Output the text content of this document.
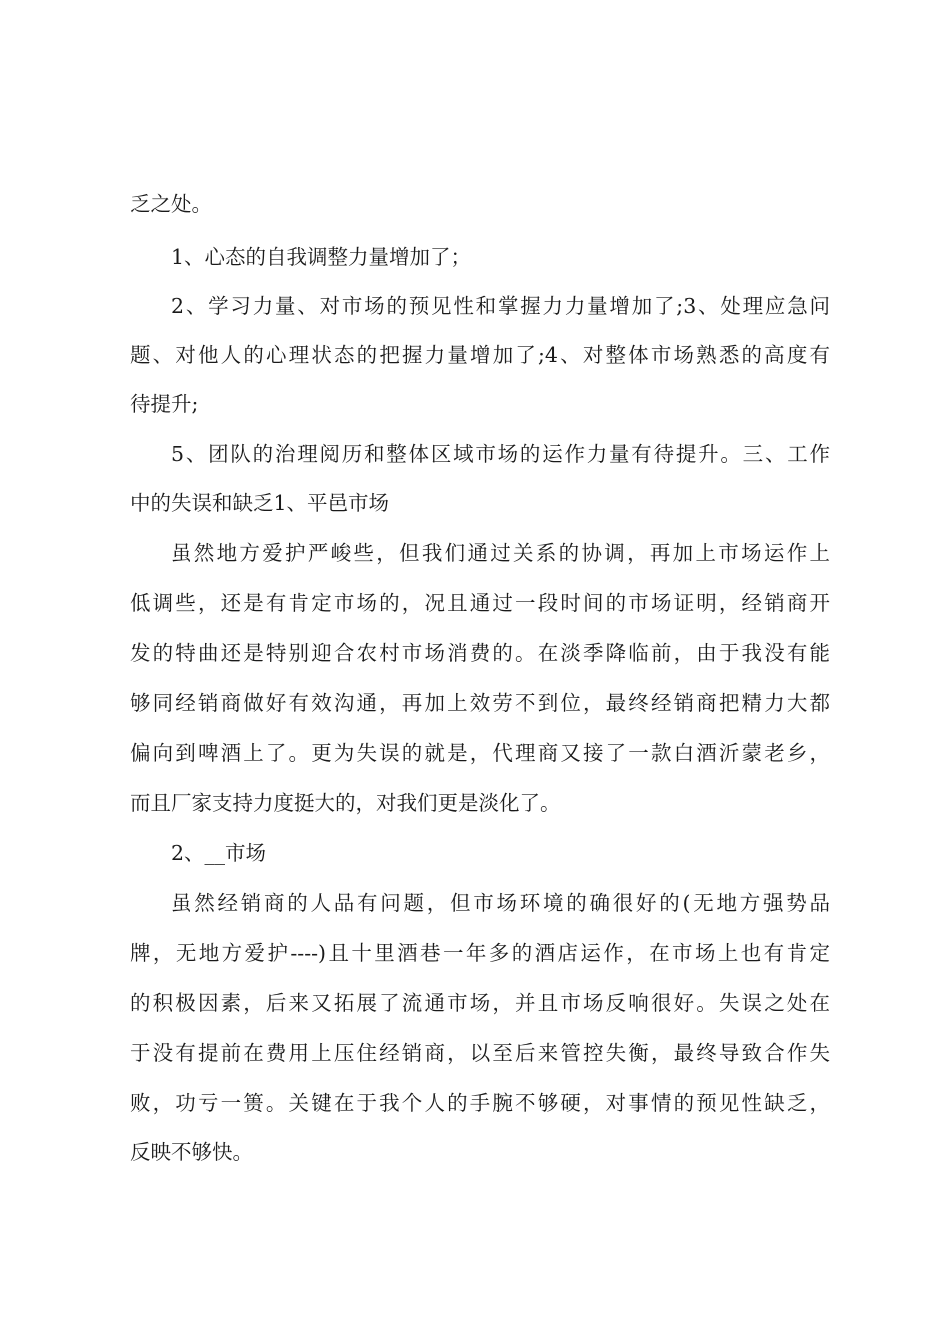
乏之处。
1、心态的自我调整力量增加了；
2、学习力量、对市场的预见性和掌握力力量增加了;3、处理应急问
题、对他人的心理状态的把握力量增加了;4、对整体市场熟悉的高度有
待提升;
5、团队的治理阅历和整体区域市场的运作力量有待提升。三、工作
中的失误和缺乏1、平邑市场
虽然地方爱护严峻些，但我们通过关系的协调，再加上市场运作上
低调些，还是有肯定市场的，况且通过一段时间的市场证明，经销商开
发的特曲还是特别迎合农村市场消费的。在淡季降临前，由于我没有能
够同经销商做好有效沟通，再加上效劳不到位，最终经销商把精力大都
偏向到啤酒上了。更为失误的就是，代理商又接了一款白酒沂蒙老乡，
而且厂家支持力度挺大的，对我们更是淡化了。
2、__市场
虽然经销商的人品有问题，但市场环境的确很好的(无地方强势品
牌，无地方爱护----)且十里酒巷一年多的酒店运作，在市场上也有肯定
的积极因素，后来又拓展了流通市场，并且市场反响很好。失误之处在
于没有提前在费用上压住经销商，以至后来管控失衡，最终导致合作失
败，功亏一篑。关键在于我个人的手腕不够硬，对事情的预见性缺乏，
反映不够快。
